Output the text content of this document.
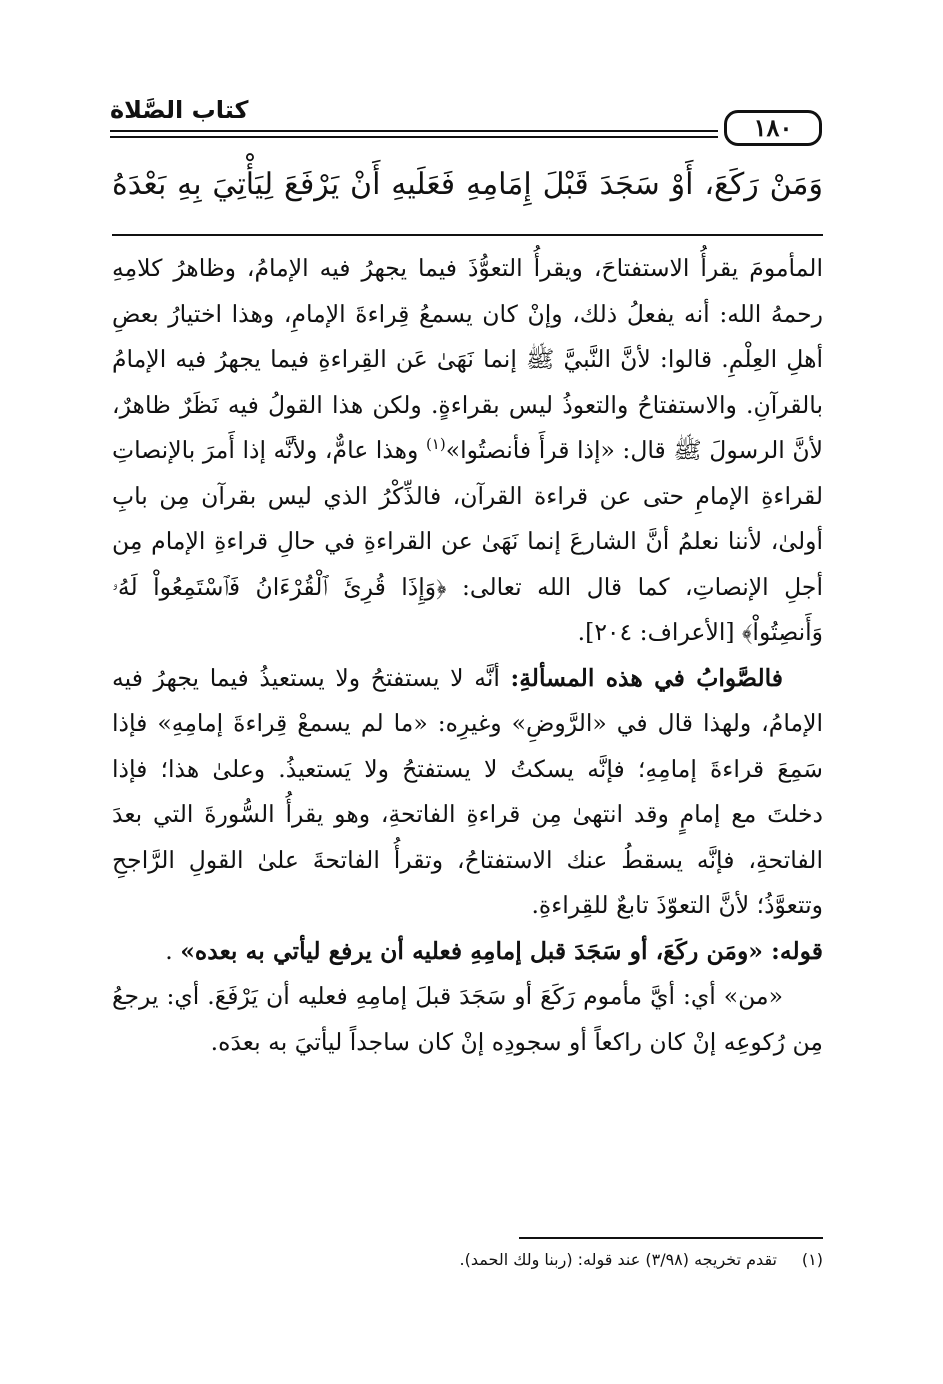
١٨٠
كتاب الصَّلاة
وَمَنْ رَكَعَ، أَوْ سَجَدَ قَبْلَ إِمَامِهِ فَعَلَيهِ أَنْ يَرْفَعَ لِيَأْتِيَ بِهِ بَعْدَهُ

المأمومَ يقرأُ الاستفتاحَ، ويقرأُ التعوُّذَ فيما يجهرُ فيه الإمامُ، وظاهرُ كلامِهِ رحمهُ الله: أنه يفعلُ ذلك، وإنْ كان يسمعُ قِراءةَ الإمامِ، وهذا اختيارُ بعضِ أهلِ العِلْمِ. قالوا: لأنَّ النَّبيَّ ﷺ إنما نَهَىٰ عَن القِراءةِ فيما يجهرُ فيه الإمامُ بالقرآنِ. والاستفتاحُ والتعوذُ ليس بقراءةٍ. ولكن هذا القولُ فيه نَظَرٌ ظاهرٌ، لأنَّ الرسولَ ﷺ قال: «إذا قرأَ فأنصتُوا»$^{(١)}$ وهذا عامٌّ، ولأنَّه إذا أَمرَ بالإنصاتِ لقراءةِ الإمامِ حتى عن قراءة القرآن، فالذِّكْرُ الذي ليس بقرآن مِن بابِ أولىٰ، لأننا نعلمُ أنَّ الشارعَ إنما نَهَىٰ عن القراءةِ في حالِ قراءةِ الإمام مِن أجلِ الإنصاتِ، كما قال الله تعالى: ﴿وَإِذَا قُرِئَ ٱلْقُرْءَانُ فَٱسْتَمِعُواْ لَهُۥ وَأَنصِتُواْ﴾ [الأعراف: ٢٠٤].

فالصَّوابُ في هذه المسألةِ: أنَّه لا يستفتحُ ولا يستعيذُ فيما يجهرُ فيه الإمامُ، ولهذا قال في «الرَّوضِ» وغيرِه: «ما لم يسمعْ قِراءةَ إمامِهِ» فإذا سَمِعَ قراءةَ إمامِهِ؛ فإنَّه يسكتُ لا يستفتحُ ولا يَستعيذُ. وعلىٰ هذا؛ فإذا دخلتَ مع إمامٍ وقد انتهىٰ مِن قراءةِ الفاتحةِ، وهو يقرأُ السُّورةَ التي بعدَ الفاتحةِ، فإنَّه يسقطُ عنك الاستفتاحُ، وتقرأُ الفاتحةَ علىٰ القولِ الرَّاجحِ وتتعوَّذُ؛ لأنَّ التعوّذَ تابعٌ للقِراءةِ.

قوله: «ومَن ركَعَ، أو سَجَدَ قبل إمامِهِ فعليه أن يرفع ليأتي به بعده» .

«من» أي: أيَّ مأموم رَكَعَ أو سَجَدَ قبلَ إمامِهِ فعليه أن يَرْفَعَ. أي: يرجعُ مِن رُكوعِه إنْ كان راكعاً أو سجودِه إنْ كان ساجداً ليأتيَ به بعدَه.

(١)تقدم تخريجه (٣/٩٨) عند قوله: (ربنا ولك الحمد).
